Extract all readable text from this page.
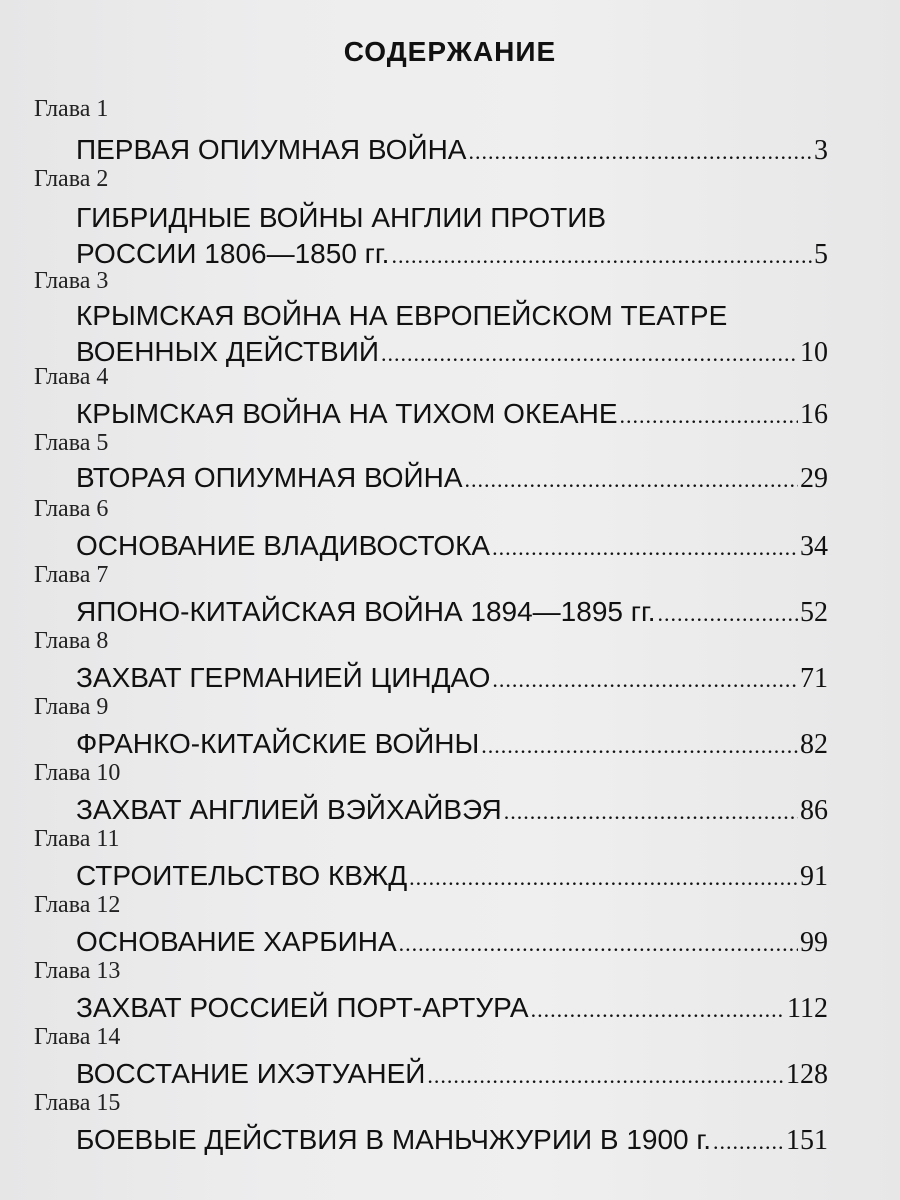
СОДЕРЖАНИЕ
Глава 1
ПЕРВАЯ ОПИУМНАЯ ВОЙНА .....	3
Глава 2
ГИБРИДНЫЕ ВОЙНЫ АНГЛИИ ПРОТИВ
РОССИИ 1806—1850 гг. .....	5
Глава 3
КРЫМСКАЯ ВОЙНА НА ЕВРОПЕЙСКОМ ТЕАТРЕ
ВОЕННЫХ ДЕЙСТВИЙ .....	10
Глава 4
КРЫМСКАЯ ВОЙНА НА ТИХОМ ОКЕАНЕ .....	16
Глава 5
ВТОРАЯ ОПИУМНАЯ ВОЙНА .....	29
Глава 6
ОСНОВАНИЕ ВЛАДИВОСТОКА .....	34
Глава 7
ЯПОНО-КИТАЙСКАЯ ВОЙНА 1894—1895 гг. .....	52
Глава 8
ЗАХВАТ ГЕРМАНИЕЙ ЦИНДАО .....	71
Глава 9
ФРАНКО-КИТАЙСКИЕ ВОЙНЫ .....	82
Глава 10
ЗАХВАТ АНГЛИЕЙ ВЭЙХАЙВЭЯ .....	86
Глава 11
СТРОИТЕЛЬСТВО КВЖД .....	91
Глава 12
ОСНОВАНИЕ ХАРБИНА .....	99
Глава 13
ЗАХВАТ РОССИЕЙ ПОРТ-АРТУРА .....	112
Глава 14
ВОССТАНИЕ ИХЭТУАНЕЙ .....	128
Глава 15
БОЕВЫЕ ДЕЙСТВИЯ В МАНЬЧЖУРИИ В 1900 г. .....	151
